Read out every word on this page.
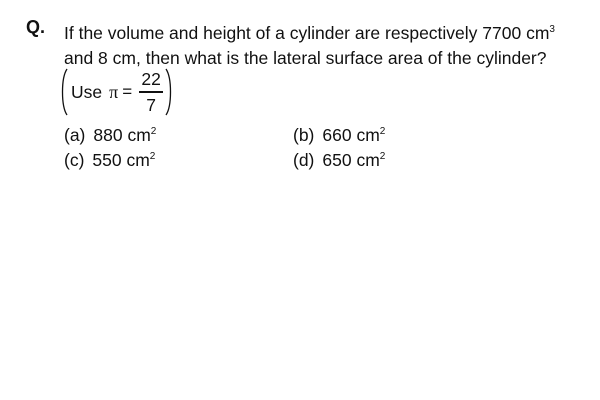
Q. If the volume and height of a cylinder are respectively 7700 $cm^3$
and 8 cm, then what is the lateral surface area of the cylinder?
Use $\pi = \frac{22}{7}$
(a) 880 $cm^2$	(b) 660 $cm^2$
(c) 550 $cm^2$	(d) 650 $cm^2$
